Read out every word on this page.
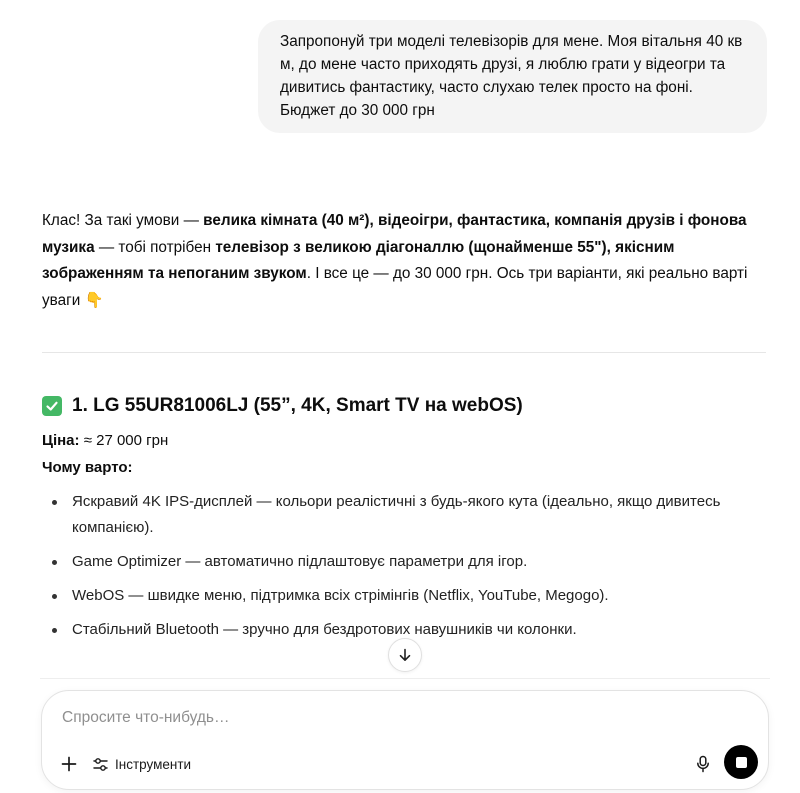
Запропонуй три моделі телевізорів для мене. Моя вітальня 40 кв м, до мене часто приходять друзі, я люблю грати у відеогри та дивитись фантастику, часто слухаю телек просто на фоні. Бюджет до 30 000 грн

Клас! За такі умови — велика кімната (40 м²), відеоігри, фантастика, компанія друзів і фонова музика — тобі потрібен телевізор з великою діагоналлю (щонайменше 55"), якісним зображенням та непоганим звуком. І все це — до 30 000 грн. Ось три варіанти, які реально варті уваги 👇

1. LG 55UR81006LJ (55”, 4K, Smart TV на webOS)
Ціна: ≈ 27 000 грн
Чому варто:
Яскравий 4K IPS-дисплей — кольори реалістичні з будь-якого кута (ідеально, якщо дивитесь компанією).
Game Optimizer — автоматично підлаштовує параметри для ігор.
WebOS — швидке меню, підтримка всіх стрімінгів (Netflix, YouTube, Megogo).
Стабільний Bluetooth — зручно для бездротових навушників чи колонки.
Спросите что-нибудь…
Інструменти
